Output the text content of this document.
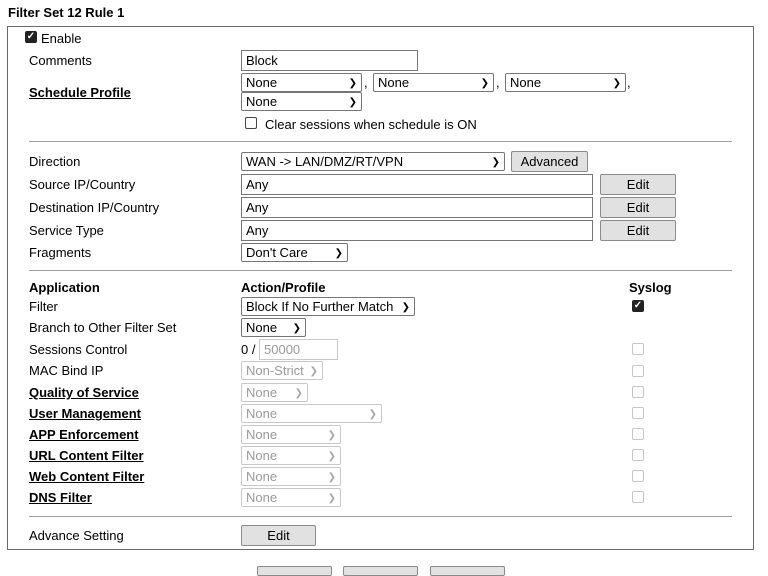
Filter Set 12 Rule 1
✓ Enable
Comments	Block
Schedule Profile
None	❯ , None	❯ , None	❯ ,
None	❯
Clear sessions when schedule is ON
Direction	WAN -> LAN/DMZ/RT/VPN	❯	Advanced
Source IP/Country	Any	Edit
Destination IP/Country	Any	Edit
Service Type	Any	Edit
Fragments	Don't Care	❯
Application	Action/Profile	Syslog
Filter	Block If No Further Match ❯	✓
Branch to Other Filter Set	None ❯
Sessions Control	0 / 50000
MAC Bind IP	Non-Strict ❯
Quality of Service	None ❯
User Management	None	❯
APP Enforcement	None	❯
URL Content Filter	None	❯
Web Content Filter	None	❯
DNS Filter	None	❯
Advance Setting	Edit
